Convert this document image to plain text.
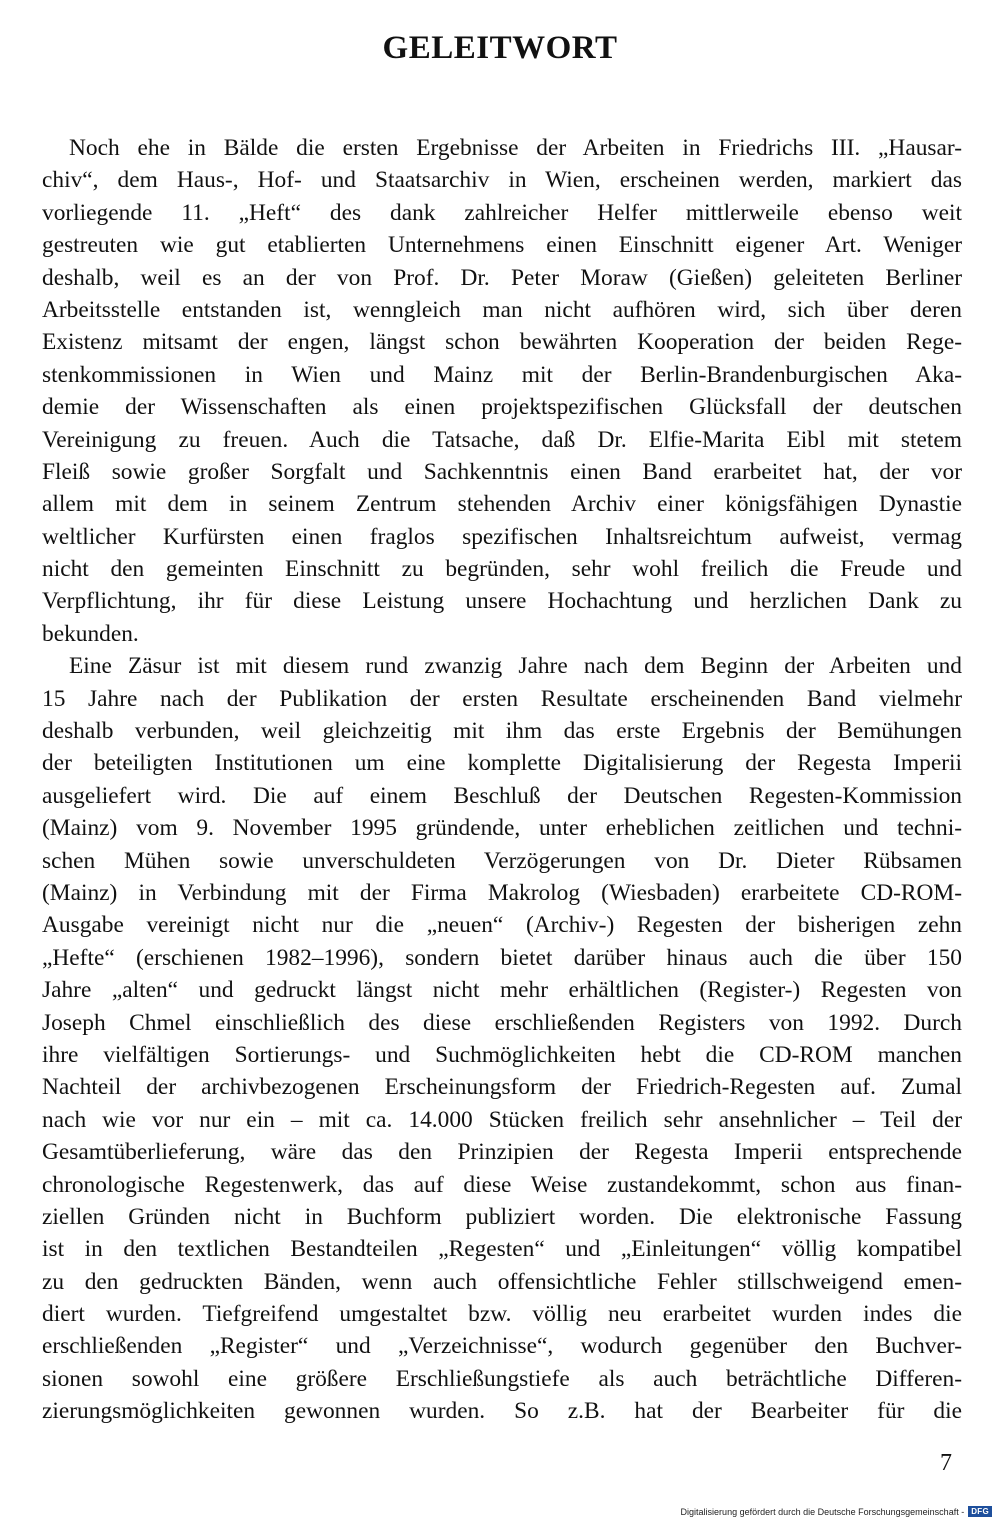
GELEITWORT
Noch ehe in Bälde die ersten Ergebnisse der Arbeiten in Friedrichs III. „Hausar-
chiv“, dem Haus-, Hof- und Staatsarchiv in Wien, erscheinen werden, markiert das
vorliegende 11. „Heft“ des dank zahlreicher Helfer mittlerweile ebenso weit
gestreuten wie gut etablierten Unternehmens einen Einschnitt eigener Art. Weniger
deshalb, weil es an der von Prof. Dr. Peter Moraw (Gießen) geleiteten Berliner
Arbeitsstelle entstanden ist, wenngleich man nicht aufhören wird, sich über deren
Existenz mitsamt der engen, längst schon bewährten Kooperation der beiden Rege-
stenkommissionen in Wien und Mainz mit der Berlin-Brandenburgischen Aka-
demie der Wissenschaften als einen projektspezifischen Glücksfall der deutschen
Vereinigung zu freuen. Auch die Tatsache, daß Dr. Elfie-Marita Eibl mit stetem
Fleiß sowie großer Sorgfalt und Sachkenntnis einen Band erarbeitet hat, der vor
allem mit dem in seinem Zentrum stehenden Archiv einer königsfähigen Dynastie
weltlicher Kurfürsten einen fraglos spezifischen Inhaltsreichtum aufweist, vermag
nicht den gemeinten Einschnitt zu begründen, sehr wohl freilich die Freude und
Verpflichtung, ihr für diese Leistung unsere Hochachtung und herzlichen Dank zu
bekunden.
Eine Zäsur ist mit diesem rund zwanzig Jahre nach dem Beginn der Arbeiten und
15 Jahre nach der Publikation der ersten Resultate erscheinenden Band vielmehr
deshalb verbunden, weil gleichzeitig mit ihm das erste Ergebnis der Bemühungen
der beteiligten Institutionen um eine komplette Digitalisierung der Regesta Imperii
ausgeliefert wird. Die auf einem Beschluß der Deutschen Regesten-Kommission
(Mainz) vom 9. November 1995 gründende, unter erheblichen zeitlichen und techni-
schen Mühen sowie unverschuldeten Verzögerungen von Dr. Dieter Rübsamen
(Mainz) in Verbindung mit der Firma Makrolog (Wiesbaden) erarbeitete CD-ROM-
Ausgabe vereinigt nicht nur die „neuen“ (Archiv-) Regesten der bisherigen zehn
„Hefte“ (erschienen 1982–1996), sondern bietet darüber hinaus auch die über 150
Jahre „alten“ und gedruckt längst nicht mehr erhältlichen (Register-) Regesten von
Joseph Chmel einschließlich des diese erschließenden Registers von 1992. Durch
ihre vielfältigen Sortierungs- und Suchmöglichkeiten hebt die CD-ROM manchen
Nachteil der archivbezogenen Erscheinungsform der Friedrich-Regesten auf. Zumal
nach wie vor nur ein – mit ca. 14.000 Stücken freilich sehr ansehnlicher – Teil der
Gesamtüberlieferung, wäre das den Prinzipien der Regesta Imperii entsprechende
chronologische Regestenwerk, das auf diese Weise zustandekommt, schon aus finan-
ziellen Gründen nicht in Buchform publiziert worden. Die elektronische Fassung
ist in den textlichen Bestandteilen „Regesten“ und „Einleitungen“ völlig kompatibel
zu den gedruckten Bänden, wenn auch offensichtliche Fehler stillschweigend emen-
diert wurden. Tiefgreifend umgestaltet bzw. völlig neu erarbeitet wurden indes die
erschließenden „Register“ und „Verzeichnisse“, wodurch gegenüber den Buchver-
sionen sowohl eine größere Erschließungstiefe als auch beträchtliche Differen-
zierungsmöglichkeiten gewonnen wurden. So z.B. hat der Bearbeiter für die
7
Digitalisierung gefördert durch die Deutsche Forschungsgemeinschaft - DFG
